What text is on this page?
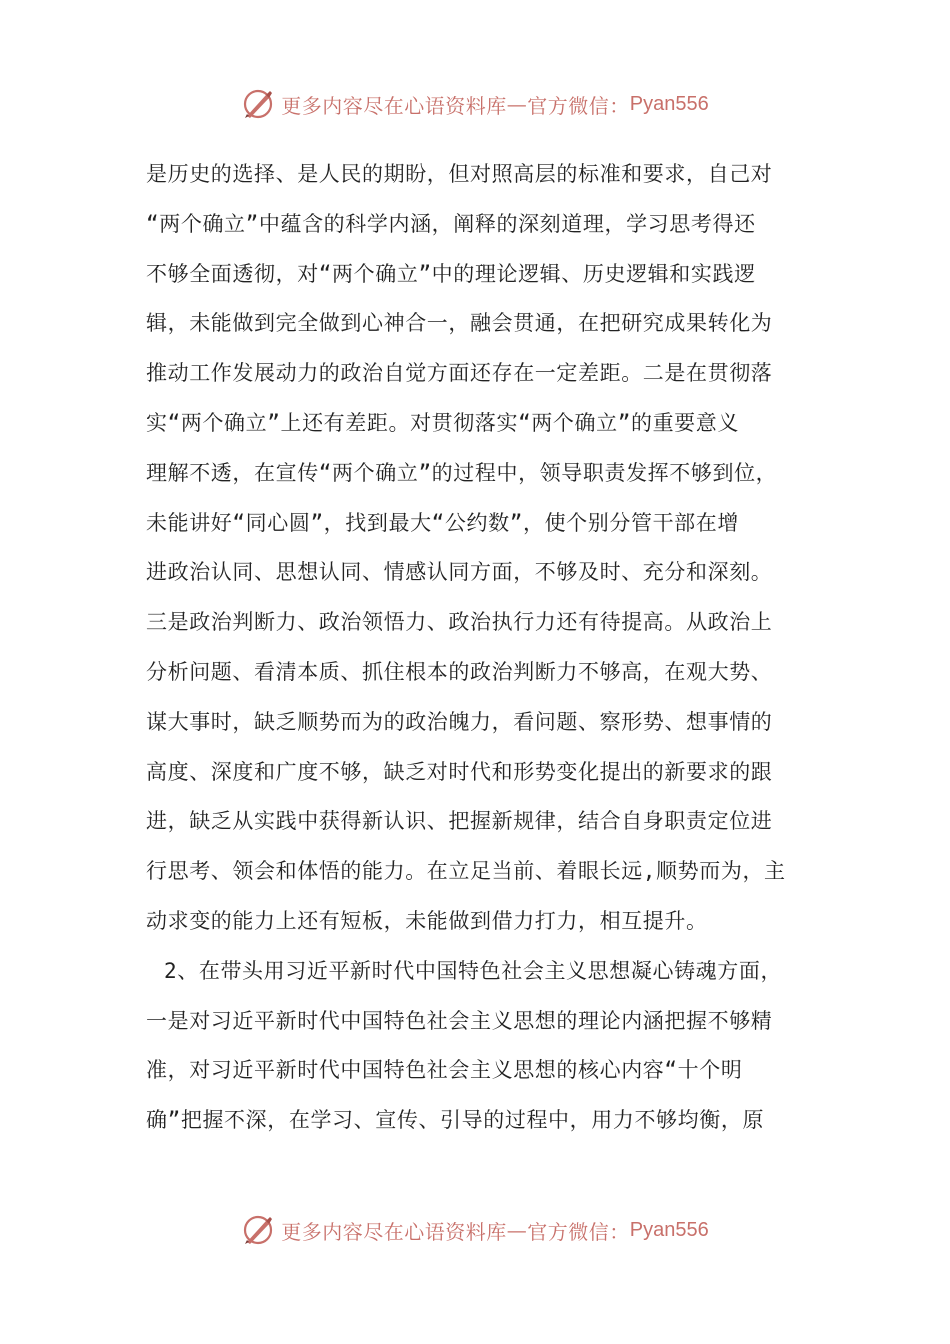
更多内容尽在心语资料库 — 官方微信： Pyan556
是历史的选择、是人民的期盼，但对照高层的标准和要求，自己对
“两个确立”中蕴含的科学内涵，阐释的深刻道理，学习思考得还
不够全面透彻，对“两个确立”中的理论逻辑、历史逻辑和实践逻
辑，未能做到完全做到心神合一，融会贯通，在把研究成果转化为
推动工作发展动力的政治自觉方面还存在一定差距。二是在贯彻落
实“两个确立”上还有差距。对贯彻落实“两个确立”的重要意义
理解不透，在宣传“两个确立”的过程中，领导职责发挥不够到位，
未能讲好“同心圆”，找到最大“公约数”，使个别分管干部在增
进政治认同、思想认同、情感认同方面，不够及时、充分和深刻。
三是政治判断力、政治领悟力、政治执行力还有待提高。从政治上
分析问题、看清本质、抓住根本的政治判断力不够高，在观大势、
谋大事时，缺乏顺势而为的政治魄力，看问题、察形势、想事情的
高度、深度和广度不够，缺乏对时代和形势变化提出的新要求的跟
进，缺乏从实践中获得新认识、把握新规律，结合自身职责定位进
行思考、领会和体悟的能力。在立足当前、着眼长远,顺势而为，主
动求变的能力上还有短板，未能做到借力打力，相互提升。
2、在带头用习近平新时代中国特色社会主义思想凝心铸魂方面，
一是对习近平新时代中国特色社会主义思想的理论内涵把握不够精
准，对习近平新时代中国特色社会主义思想的核心内容“十个明
确”把握不深，在学习、宣传、引导的过程中，用力不够均衡，原
更多内容尽在心语资料库 — 官方微信： Pyan556
